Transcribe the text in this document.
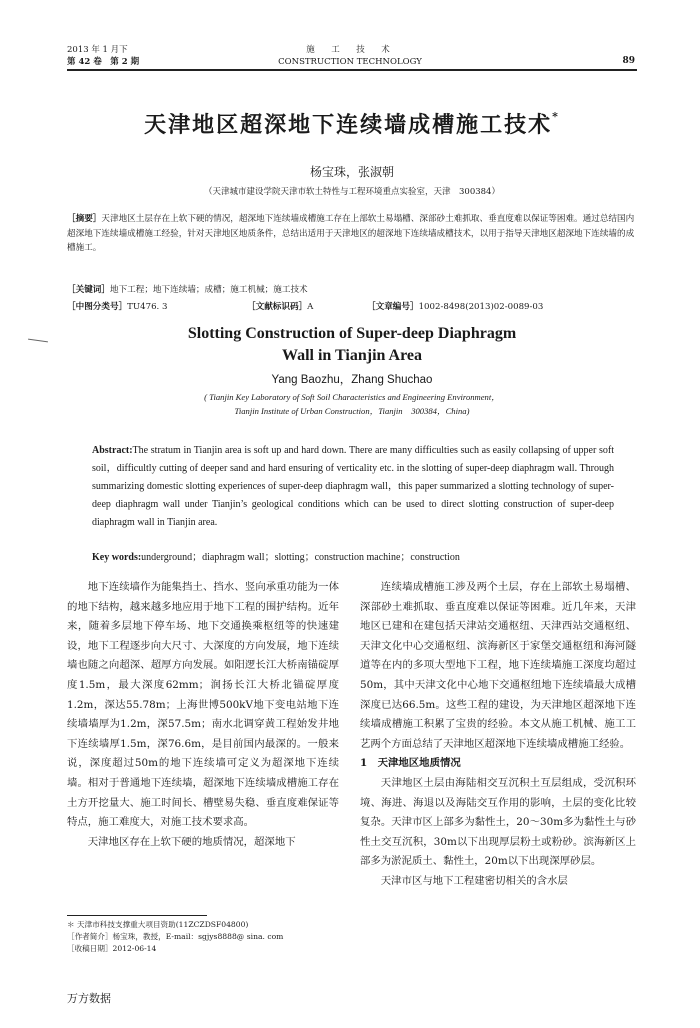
2013 年 1 月下
第 42 卷　第 2 期
施　工　技　术
CONSTRUCTION TECHNOLOGY	89
天津地区超深地下连续墙成槽施工技术*
杨宝珠，张淑朝
（天津城市建设学院天津市软土特性与工程环境重点实验室，天津　300384）
［摘要］天津地区土层存在上软下硬的情况，超深地下连续墙成槽施工存在上部软土易塌槽、深部砂土难抓取、垂直度难以保证等困难。通过总结国内超深地下连续墙成槽施工经验，针对天津地区地质条件，总结出适用于天津地区的超深地下连续墙成槽技术，以用于指导天津地区超深地下连续墙的成槽施工。
［关键词］地下工程；地下连续墙；成槽；施工机械；施工技术
［中图分类号］TU476. 3	［文献标识码］A	［文章编号］1002-8498(2013)02-0089-03
Slotting Construction of Super-deep Diaphragm
Wall in Tianjin Area
Yang Baozhu，Zhang Shuchao
( Tianjin Key Laboratory of Soft Soil Characteristics and Engineering Environment，
Tianjin Institute of Urban Construction，Tianjin　300384，China)
Abstract:The stratum in Tianjin area is soft up and hard down. There are many difficulties such as easily collapsing of upper soft soil，difficultly cutting of deeper sand and hard ensuring of verticality etc. in the slotting of super-deep diaphragm wall. Through summarizing domestic slotting experiences of super-deep diaphragm wall，this paper summarized a slotting technology of super-deep diaphragm wall under Tianjin’s geological conditions which can be used to direct slotting construction of super-deep diaphragm wall in Tianjin area.
Key words:underground；diaphragm wall；slotting；construction machine；construction

地下连续墙作为能集挡土、挡水、竖向承重功能为一体的地下结构，越来越多地应用于地下工程的围护结构。近年来，随着多层地下停车场、地下交通换乘枢纽等的快速建设，地下工程逐步向大尺寸、大深度的方向发展，地下连续墙也随之向超深、超厚方向发展。如阳逻长江大桥南锚碇厚度1.5m，最大深度62mm；润扬长江大桥北锚碇厚度1.2m，深达55.78m；上海世博500kV地下变电站地下连续墙墙厚为1.2m，深57.5m；南水北调穿黄工程始发井地下连续墙厚1.5m，深76.6m，是目前国内最深的。一般来说，深度超过50m的地下连续墙可定义为超深地下连续墙。相对于普通地下连续墙，超深地下连续墙成槽施工存在土方开挖量大、施工时间长、槽壁易失稳、垂直度难保证等特点，施工难度大，对施工技术要求高。

天津地区存在上软下硬的地质情况，超深地下

连续墙成槽施工涉及两个土层，存在上部软土易塌槽、深部砂土难抓取、垂直度难以保证等困难。近几年来，天津地区已建和在建包括天津站交通枢纽、天津西站交通枢纽、天津文化中心交通枢纽、滨海新区于家堡交通枢纽和海河隧道等在内的多项大型地下工程，地下连续墙施工深度均超过50m，其中天津文化中心地下交通枢纽地下连续墙最大成槽深度已达66.5m。这些工程的建设，为天津地区超深地下连续墙成槽施工积累了宝贵的经验。本文从施工机械、施工工艺两个方面总结了天津地区超深地下连续墙成槽施工经验。

1　天津地区地质情况

天津地区土层由海陆相交互沉积土互层组成，受沉积环境、海进、海退以及海陆交互作用的影响，土层的变化比较复杂。天津市区上部多为黏性土，20～30m多为黏性土与砂性土交互沉积，30m以下出现厚层粉土或粉砂。滨海新区上部多为淤泥质土、黏性土，20m以下出现深厚砂层。

天津市区与地下工程建密切相关的含水层

＊ 天津市科技支撑重大项目资助(11ZCZDSF04800)
［作者简介］杨宝珠，教授，E-mail：sgjys8888@ sina. com
［收稿日期］2012-06-14
万方数据
